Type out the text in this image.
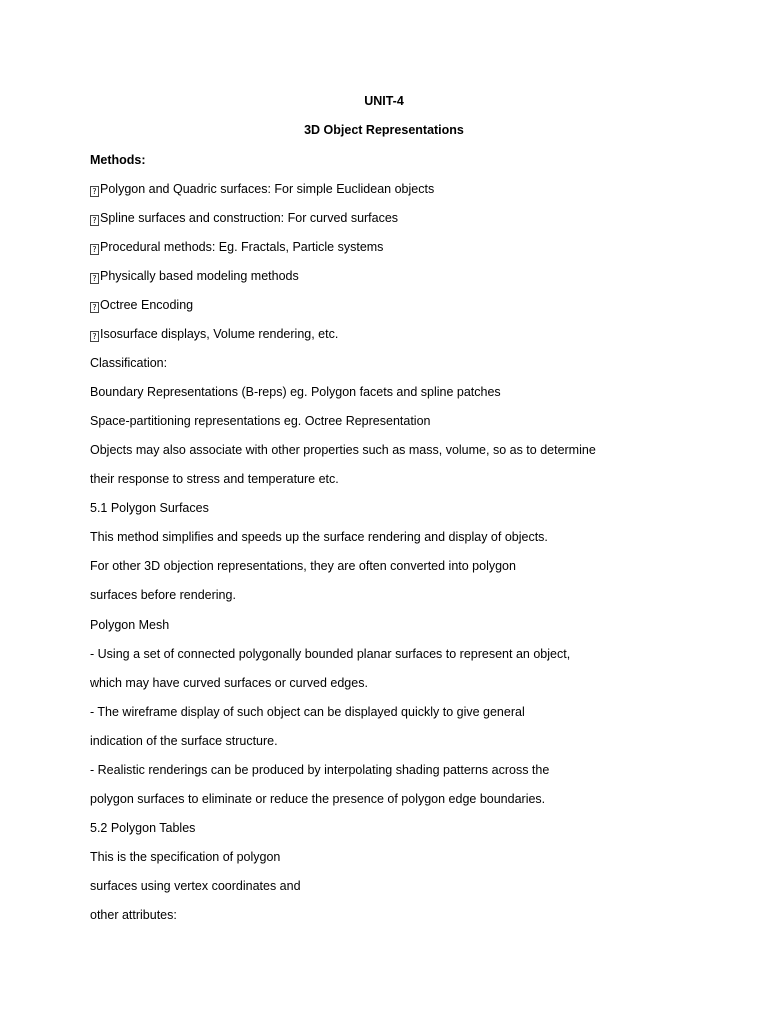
UNIT-4
3D Object Representations
Methods:
? Polygon and Quadric surfaces: For simple Euclidean objects
? Spline surfaces and construction: For curved surfaces
? Procedural methods: Eg. Fractals, Particle systems
? Physically based modeling methods
? Octree Encoding
? Isosurface displays, Volume rendering, etc.
Classification:
Boundary Representations (B-reps) eg. Polygon facets and spline patches
Space-partitioning representations eg. Octree Representation
Objects may also associate with other properties such as mass, volume, so as to determine
their response to stress and temperature etc.
5.1 Polygon Surfaces
This method simplifies and speeds up the surface rendering and display of objects.
For other 3D objection representations, they are often converted into polygon
surfaces before rendering.
Polygon Mesh
- Using a set of connected polygonally bounded planar surfaces to represent an object,
which may have curved surfaces or curved edges.
- The wireframe display of such object can be displayed quickly to give general
indication of the surface structure.
- Realistic renderings can be produced by interpolating shading patterns across the
polygon surfaces to eliminate or reduce the presence of polygon edge boundaries.
5.2 Polygon Tables
This is the specification of polygon
surfaces using vertex coordinates and
other attributes:
